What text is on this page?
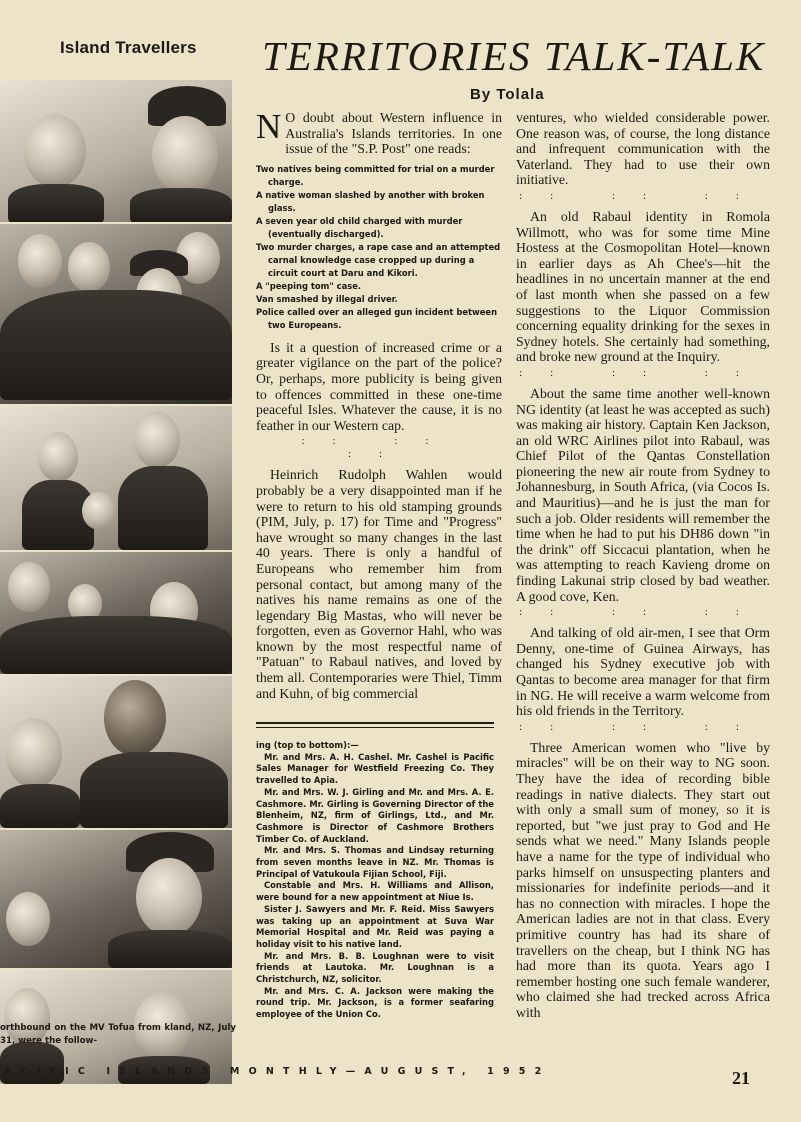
Island Travellers TERRITORIES TALK-TALK
By Tolala
orthbound on the MV Tofua from kland, NZ, July 31, were the follow-

N O doubt about Western influence in Australia's Islands territories. In one issue of the "S.P. Post" one reads:

Two natives being committed for trial on a murder charge.
A native woman slashed by another with broken glass.
A seven year old child charged with murder (eventually discharged).
Two murder charges, a rape case and an attempted carnal knowledge case cropped up during a circuit court at Daru and Kikori.
A "peeping tom" case.
Van smashed by illegal driver.
Police called over an alleged gun incident between two Europeans.

Is it a question of increased crime or a greater vigilance on the part of the police? Or, perhaps, more publicity is being given to offences committed in these one-time peaceful Isles. Whatever the cause, it is no feather in our Western cap.

:: :: ::

Heinrich Rudolph Wahlen would probably be a very disappointed man if he were to return to his old stamping grounds (PIM, July, p. 17) for Time and "Progress" have wrought so many changes in the last 40 years. There is only a handful of Europeans who remember him from personal contact, but among many of the natives his name remains as one of the legendary Big Mastas, who will never be forgotten, even as Governor Hahl, who was known by the most respectful name of "Patuan" to Rabaul natives, and loved by them all. Contemporaries were Thiel, Timm and Kuhn, of big commercial

ing (top to bottom):—

Mr. and Mrs. A. H. Cashel. Mr. Cashel is Pacific Sales Manager for Westfield Freezing Co. They travelled to Apia.

Mr. and Mrs. W. J. Girling and Mr. and Mrs. A. E. Cashmore. Mr. Girling is Governing Director of the Blenheim, NZ, firm of Girlings, Ltd., and Mr. Cashmore is Director of Cashmore Brothers Timber Co. of Auckland.

Mr. and Mrs. S. Thomas and Lindsay returning from seven months leave in NZ. Mr. Thomas is Principal of Vatukoula Fijian School, Fiji.

Constable and Mrs. H. Williams and Allison, were bound for a new appointment at Niue Is.

Sister J. Sawyers and Mr. F. Reid. Miss Sawyers was taking up an appointment at Suva War Memorial Hospital and Mr. Reid was paying a holiday visit to his native land.

Mr. and Mrs. B. B. Loughnan were to visit friends at Lautoka. Mr. Loughnan is a Christchurch, NZ, solicitor.

Mr. and Mrs. C. A. Jackson were making the round trip. Mr. Jackson, is a former seafaring employee of the Union Co.

ventures, who wielded considerable power. One reason was, of course, the long distance and infrequent communication with the Vaterland. They had to use their own initiative.

:: :: ::

An old Rabaul identity in Romola Willmott, who was for some time Mine Hostess at the Cosmopolitan Hotel—known in earlier days as Ah Chee's—hit the headlines in no uncertain manner at the end of last month when she passed on a few suggestions to the Liquor Commission concerning equality drinking for the sexes in Sydney hotels. She certainly had something, and broke new ground at the Inquiry.

:: :: ::

About the same time another well-known NG identity (at least he was accepted as such) was making air history. Captain Ken Jackson, an old WRC Airlines pilot into Rabaul, was Chief Pilot of the Qantas Constellation pioneering the new air route from Sydney to Johannesburg, in South Africa, (via Cocos Is. and Mauritius)—and he is just the man for such a job. Older residents will remember the time when he had to put his DH86 down "in the drink" off Siccacui plantation, when he was attempting to reach Kavieng drome on finding Lakunai strip closed by bad weather. A good cove, Ken.

:: :: ::

And talking of old air-men, I see that Orm Denny, one-time of Guinea Airways, has changed his Sydney executive job with Qantas to become area manager for that firm in NG. He will receive a warm welcome from his old friends in the Territory.

:: :: ::

Three American women who "live by miracles" will be on their way to NG soon. They have the idea of recording bible readings in native dialects. They start out with only a small sum of money, so it is reported, but "we just pray to God and He sends what we need." Many Islands people have a name for the type of individual who parks himself on unsuspecting planters and missionaries for indefinite periods—and it has no connection with miracles. I hope the American ladies are not in that class. Every primitive country has had its share of travellers on the cheap, but I think NG has had more than its quota. Years ago I remember hosting one such female wanderer, who claimed she had trecked across Africa with

ACIFIC ISLANDS MONTHLY—AUGUST, 1952	21
